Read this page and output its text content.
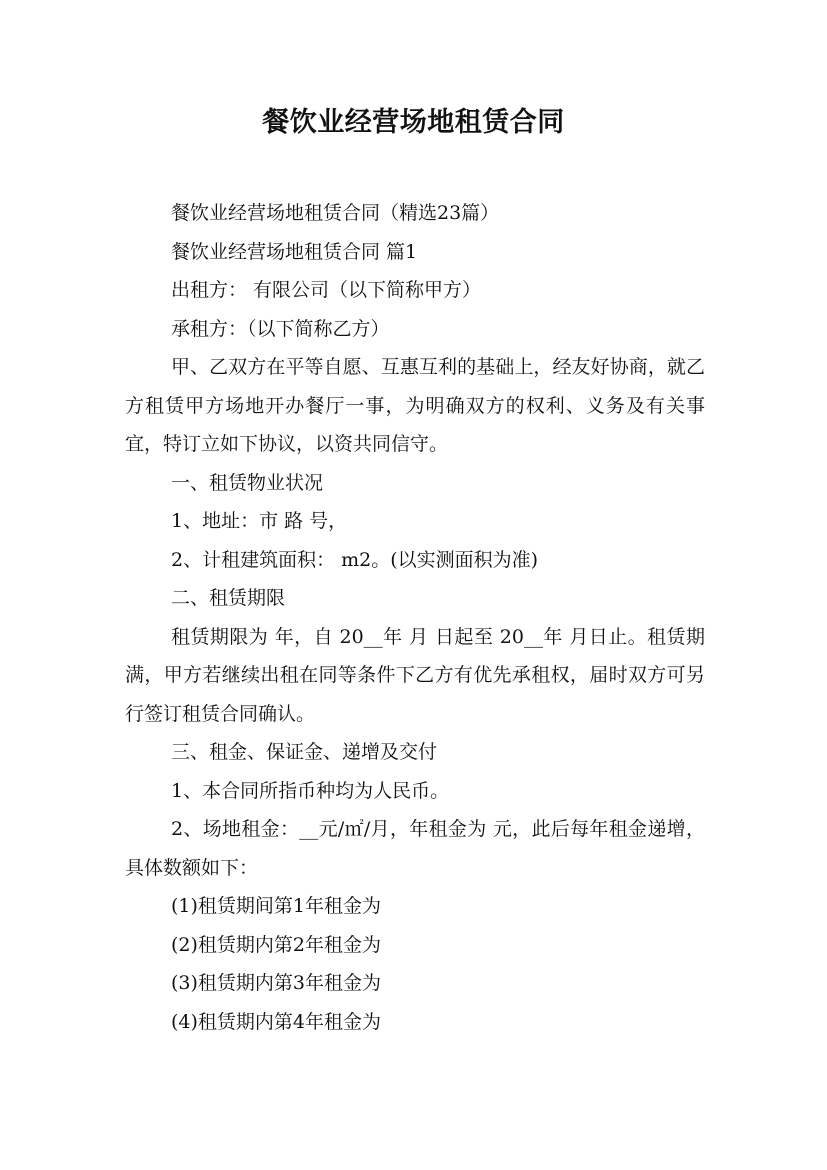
餐饮业经营场地租赁合同

餐饮业经营场地租赁合同（精选23篇）

餐饮业经营场地租赁合同 篇1

出租方： 有限公司（以下简称甲方）

承租方：（以下简称乙方）

甲、乙双方在平等自愿、互惠互利的基础上，经友好协商，就乙方租赁甲方场地开办餐厅一事，为明确双方的权利、义务及有关事宜，特订立如下协议，以资共同信守。

一、租赁物业状况

1、地址：市 路 号，

2、计租建筑面积： m2。(以实测面积为准)

二、租赁期限

租赁期限为 年，自 20__年 月 日起至 20__年 月日止。租赁期满，甲方若继续出租在同等条件下乙方有优先承租权，届时双方可另行签订租赁合同确认。

三、租金、保证金、递增及交付

1、本合同所指币种均为人民币。

2、场地租金：__元/㎡/月，年租金为 元，此后每年租金递增，具体数额如下：

(1)租赁期间第1年租金为

(2)租赁期内第2年租金为

(3)租赁期内第3年租金为

(4)租赁期内第4年租金为
